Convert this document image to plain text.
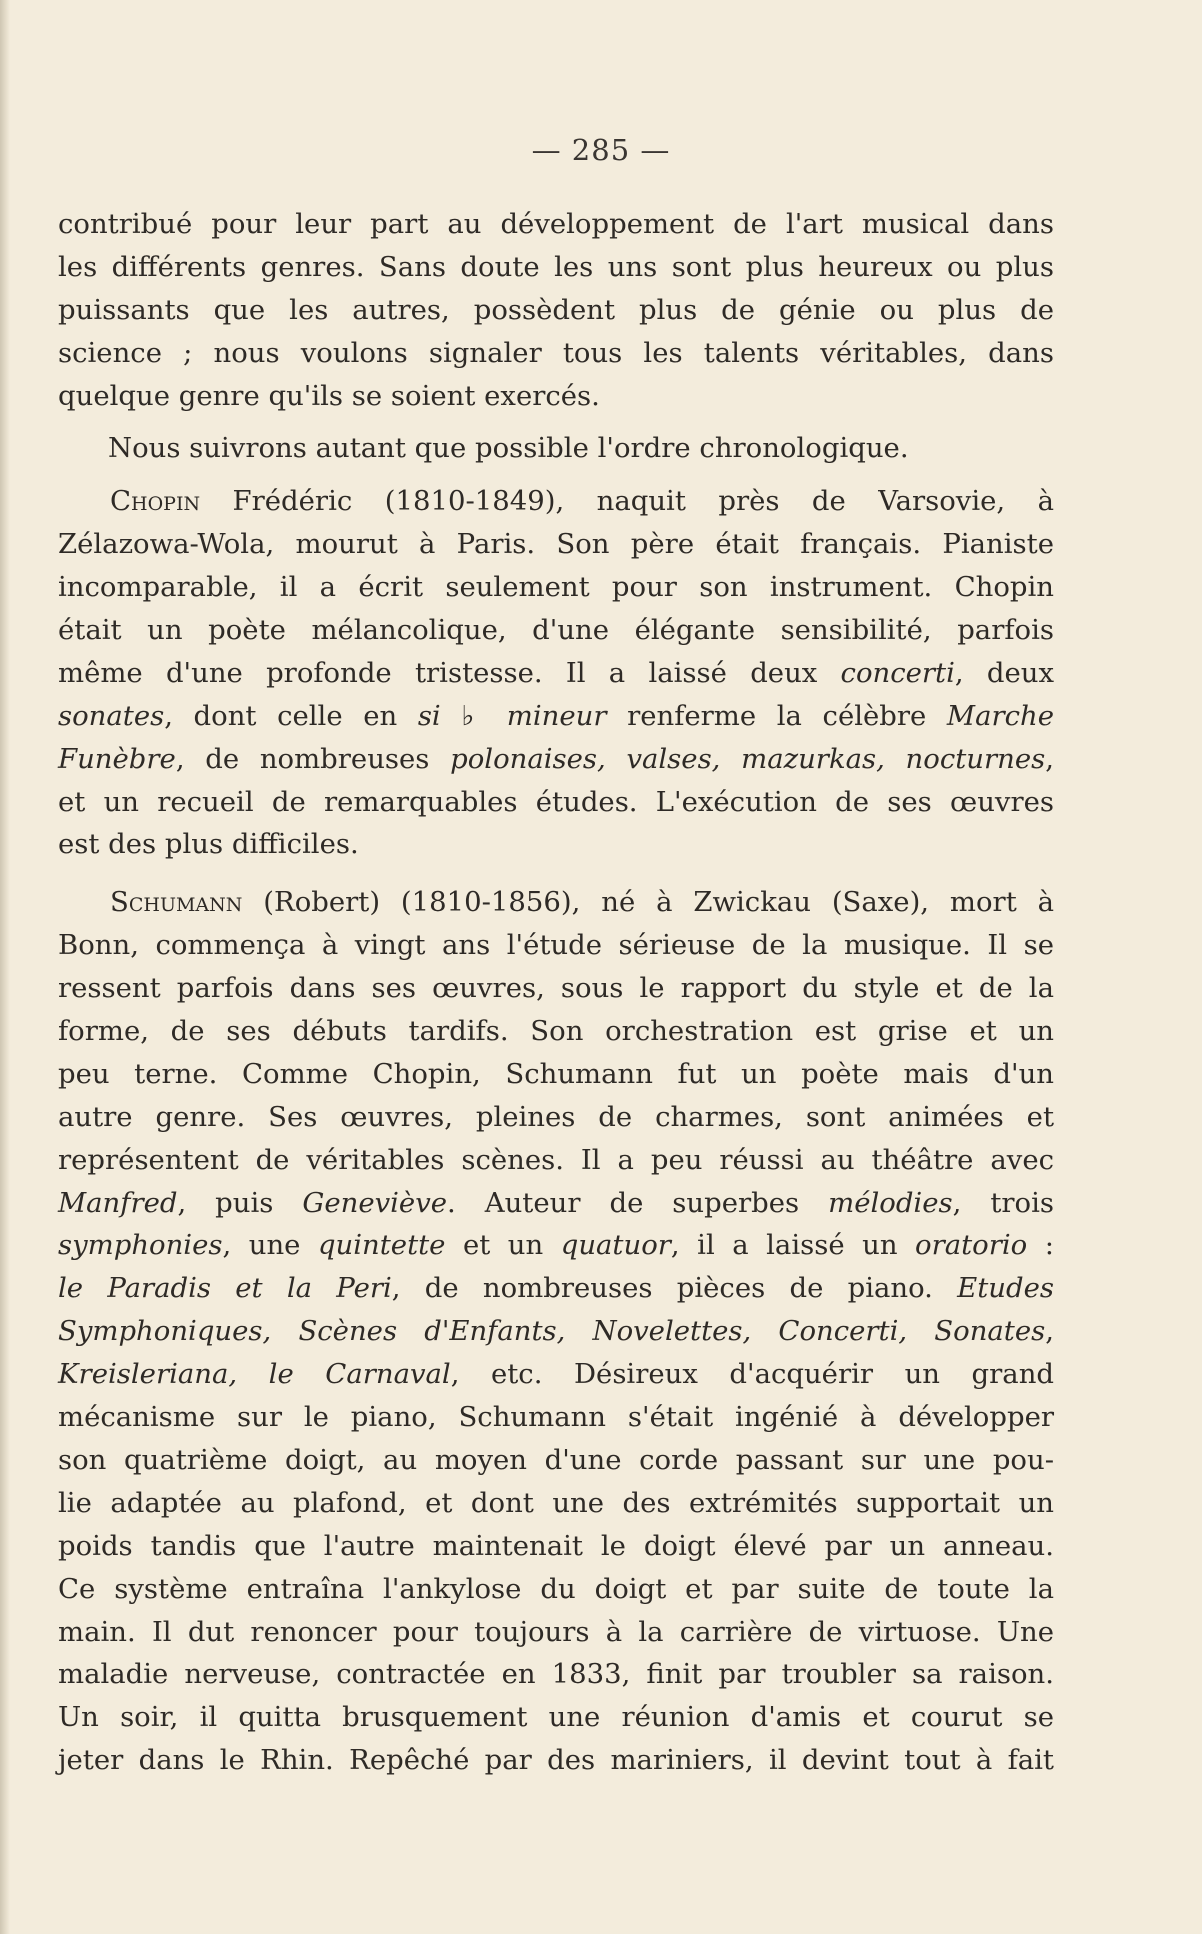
— 285 —
contribué pour leur part au développement de l'art musical dans
les différents genres. Sans doute les uns sont plus heureux ou plus
puissants que les autres, possèdent plus de génie ou plus de
science ; nous voulons signaler tous les talents véritables, dans
quelque genre qu'ils se soient exercés.
Nous suivrons autant que possible l'ordre chronologique.
Chopin Frédéric (1810-1849), naquit près de Varsovie, à
Zélazowa-Wola, mourut à Paris. Son père était français. Pianiste
incomparable, il a écrit seulement pour son instrument. Chopin
était un poète mélancolique, d'une élégante sensibilité, parfois
même d'une profonde tristesse. Il a laissé deux concerti, deux
sonates, dont celle en si ♭ mineur renferme la célèbre Marche
Funèbre, de nombreuses polonaises, valses, mazurkas, nocturnes,
et un recueil de remarquables études. L'exécution de ses œuvres
est des plus difficiles.
Schumann (Robert) (1810-1856), né à Zwickau (Saxe), mort à
Bonn, commença à vingt ans l'étude sérieuse de la musique. Il se
ressent parfois dans ses œuvres, sous le rapport du style et de la
forme, de ses débuts tardifs. Son orchestration est grise et un
peu terne. Comme Chopin, Schumann fut un poète mais d'un
autre genre. Ses œuvres, pleines de charmes, sont animées et
représentent de véritables scènes. Il a peu réussi au théâtre avec
Manfred, puis Geneviève. Auteur de superbes mélodies, trois
symphonies, une quintette et un quatuor, il a laissé un oratorio :
le Paradis et la Peri, de nombreuses pièces de piano. Etudes
Symphoniques, Scènes d'Enfants, Novelettes, Concerti, Sonates,
Kreisleriana, le Carnaval, etc. Désireux d'acquérir un grand
mécanisme sur le piano, Schumann s'était ingénié à développer
son quatrième doigt, au moyen d'une corde passant sur une pou-
lie adaptée au plafond, et dont une des extrémités supportait un
poids tandis que l'autre maintenait le doigt élevé par un anneau.
Ce système entraîna l'ankylose du doigt et par suite de toute la
main. Il dut renoncer pour toujours à la carrière de virtuose. Une
maladie nerveuse, contractée en 1833, finit par troubler sa raison.
Un soir, il quitta brusquement une réunion d'amis et courut se
jeter dans le Rhin. Repêché par des mariniers, il devint tout à fait
